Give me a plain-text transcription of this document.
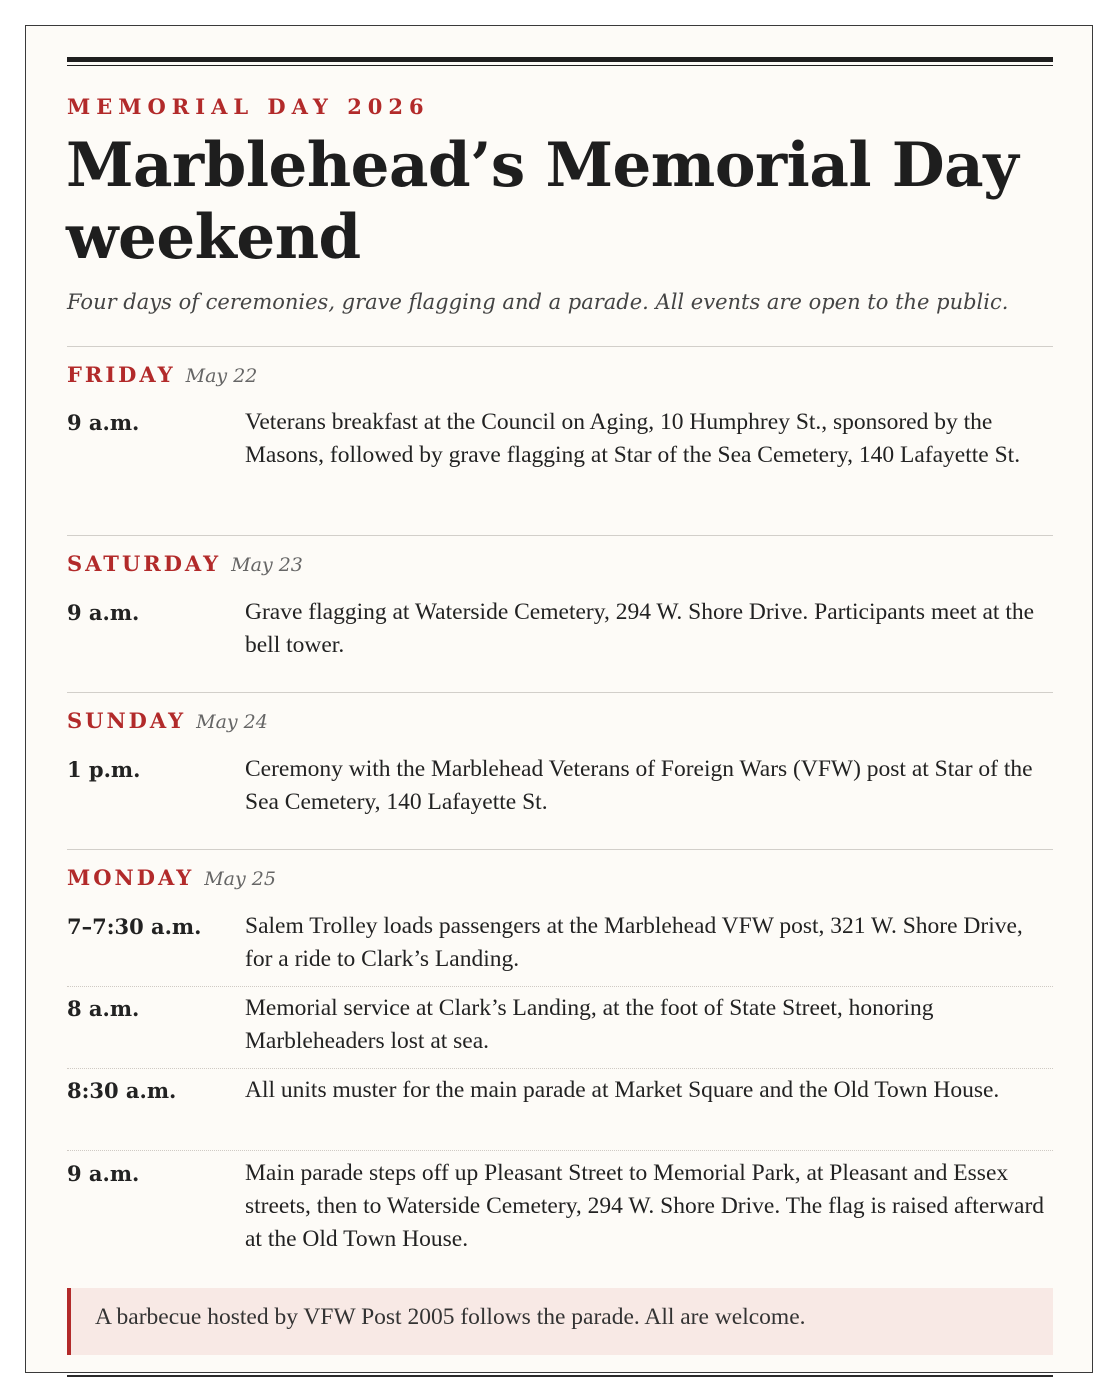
MEMORIAL DAY 2026
Marblehead’s Memorial Day weekend
Four days of ceremonies, grave flagging and a parade. All events are open to the public.
FRIDAY May 22
9 a.m.	Veterans breakfast at the Council on Aging, 10 Humphrey St., sponsored by the Masons, followed by grave flagging at Star of the Sea Cemetery, 140 Lafayette St.
SATURDAY May 23
9 a.m.	Grave flagging at Waterside Cemetery, 294 W. Shore Drive. Participants meet at the bell tower.
SUNDAY May 24
1 p.m.	Ceremony with the Marblehead Veterans of Foreign Wars (VFW) post at Star of the Sea Cemetery, 140 Lafayette St.
MONDAY May 25
7–7:30 a.m. Salem Trolley loads passengers at the Marblehead VFW post, 321 W. Shore Drive, for a ride to Clark’s Landing.
8 a.m.	Memorial service at Clark’s Landing, at the foot of State Street, honoring Marbleheaders lost at sea.
8:30 a.m.	All units muster for the main parade at Market Square and the Old Town House.
9 a.m.	Main parade steps off up Pleasant Street to Memorial Park, at Pleasant and Essex streets, then to Waterside Cemetery, 294 W. Shore Drive. The flag is raised afterward at the Old Town House.
A barbecue hosted by VFW Post 2005 follows the parade. All are welcome.
